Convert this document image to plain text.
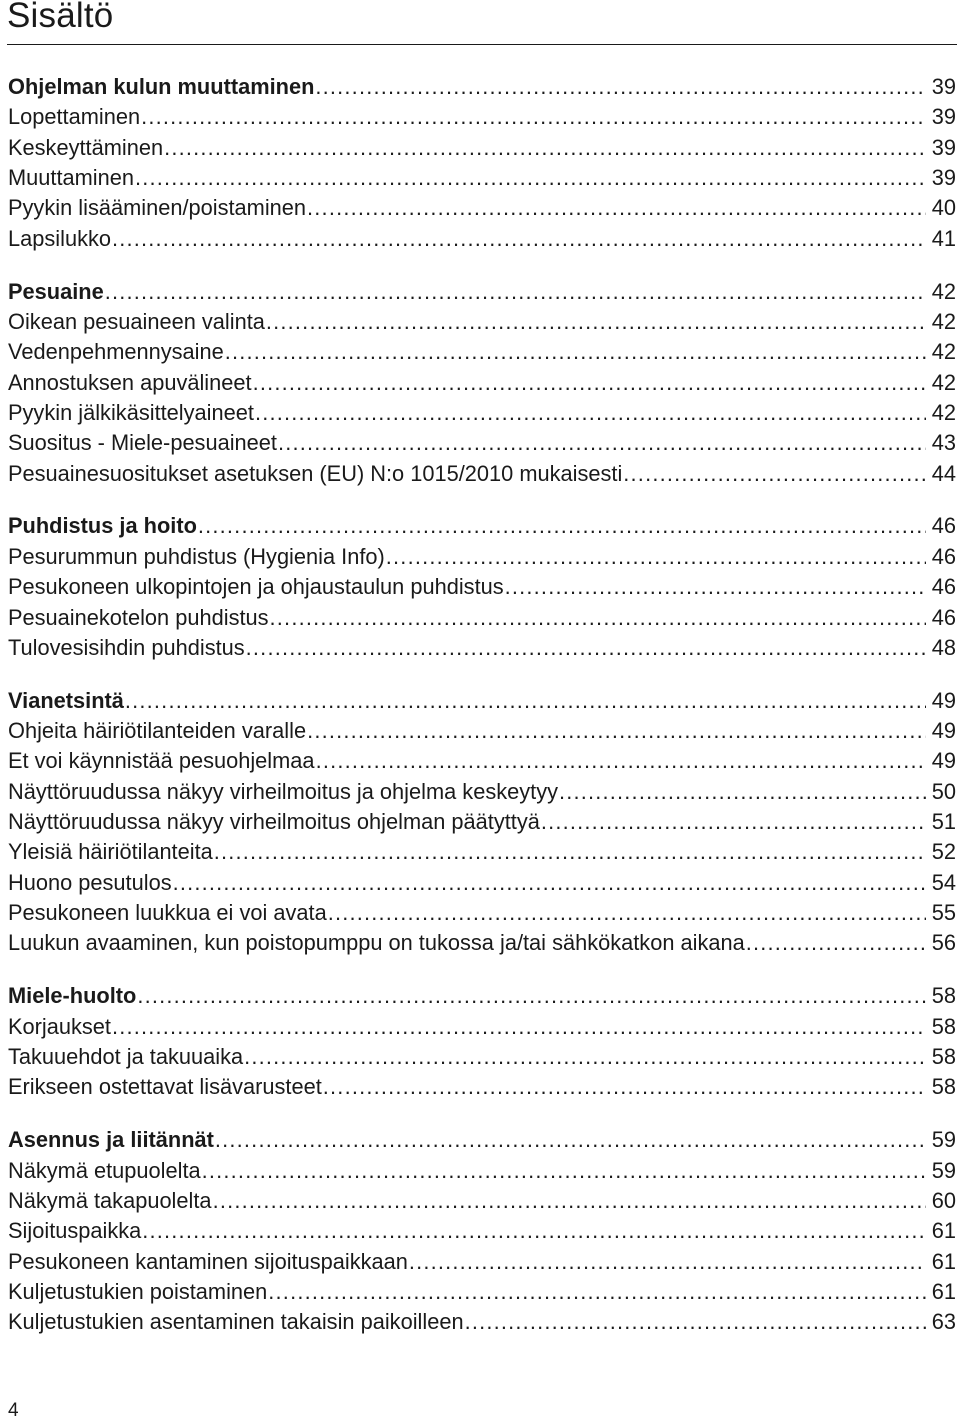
Sisältö
Ohjelman kulun muuttaminen .....	39
Lopettaminen .....	39
Keskeyttäminen .....	39
Muuttaminen .....	39
Pyykin lisääminen/poistaminen .....	40
Lapsilukko .....	41
Pesuaine .....	42
Oikean pesuaineen valinta .....	42
Vedenpehmennysaine .....	42
Annostuksen apuvälineet .....	42
Pyykin jälkikäsittelyaineet .....	42
Suositus - Miele-pesuaineet .....	43
Pesuainesuositukset asetuksen (EU) N:o 1015/2010 mukaisesti .....	44
Puhdistus ja hoito .....	46
Pesurummun puhdistus (Hygienia Info) .....	46
Pesukoneen ulkopintojen ja ohjaustaulun puhdistus .....	46
Pesuainekotelon puhdistus .....	46
Tulovesisihdin puhdistus .....	48
Vianetsintä .....	49
Ohjeita häiriötilanteiden varalle .....	49
Et voi käynnistää pesuohjelmaa .....	49
Näyttöruudussa näkyy virheilmoitus ja ohjelma keskeytyy .....	50
Näyttöruudussa näkyy virheilmoitus ohjelman päätyttyä .....	51
Yleisiä häiriötilanteita .....	52
Huono pesutulos .....	54
Pesukoneen luukkua ei voi avata .....	55
Luukun avaaminen, kun poistopumppu on tukossa ja/tai sähkökatkon aikana .....	56
Miele-huolto .....	58
Korjaukset .....	58
Takuuehdot ja takuuaika .....	58
Erikseen ostettavat lisävarusteet .....	58
Asennus ja liitännät .....	59
Näkymä etupuolelta .....	59
Näkymä takapuolelta .....	60
Sijoituspaikka .....	61
Pesukoneen kantaminen sijoituspaikkaan .....	61
Kuljetustukien poistaminen .....	61
Kuljetustukien asentaminen takaisin paikoilleen .....	63
4
